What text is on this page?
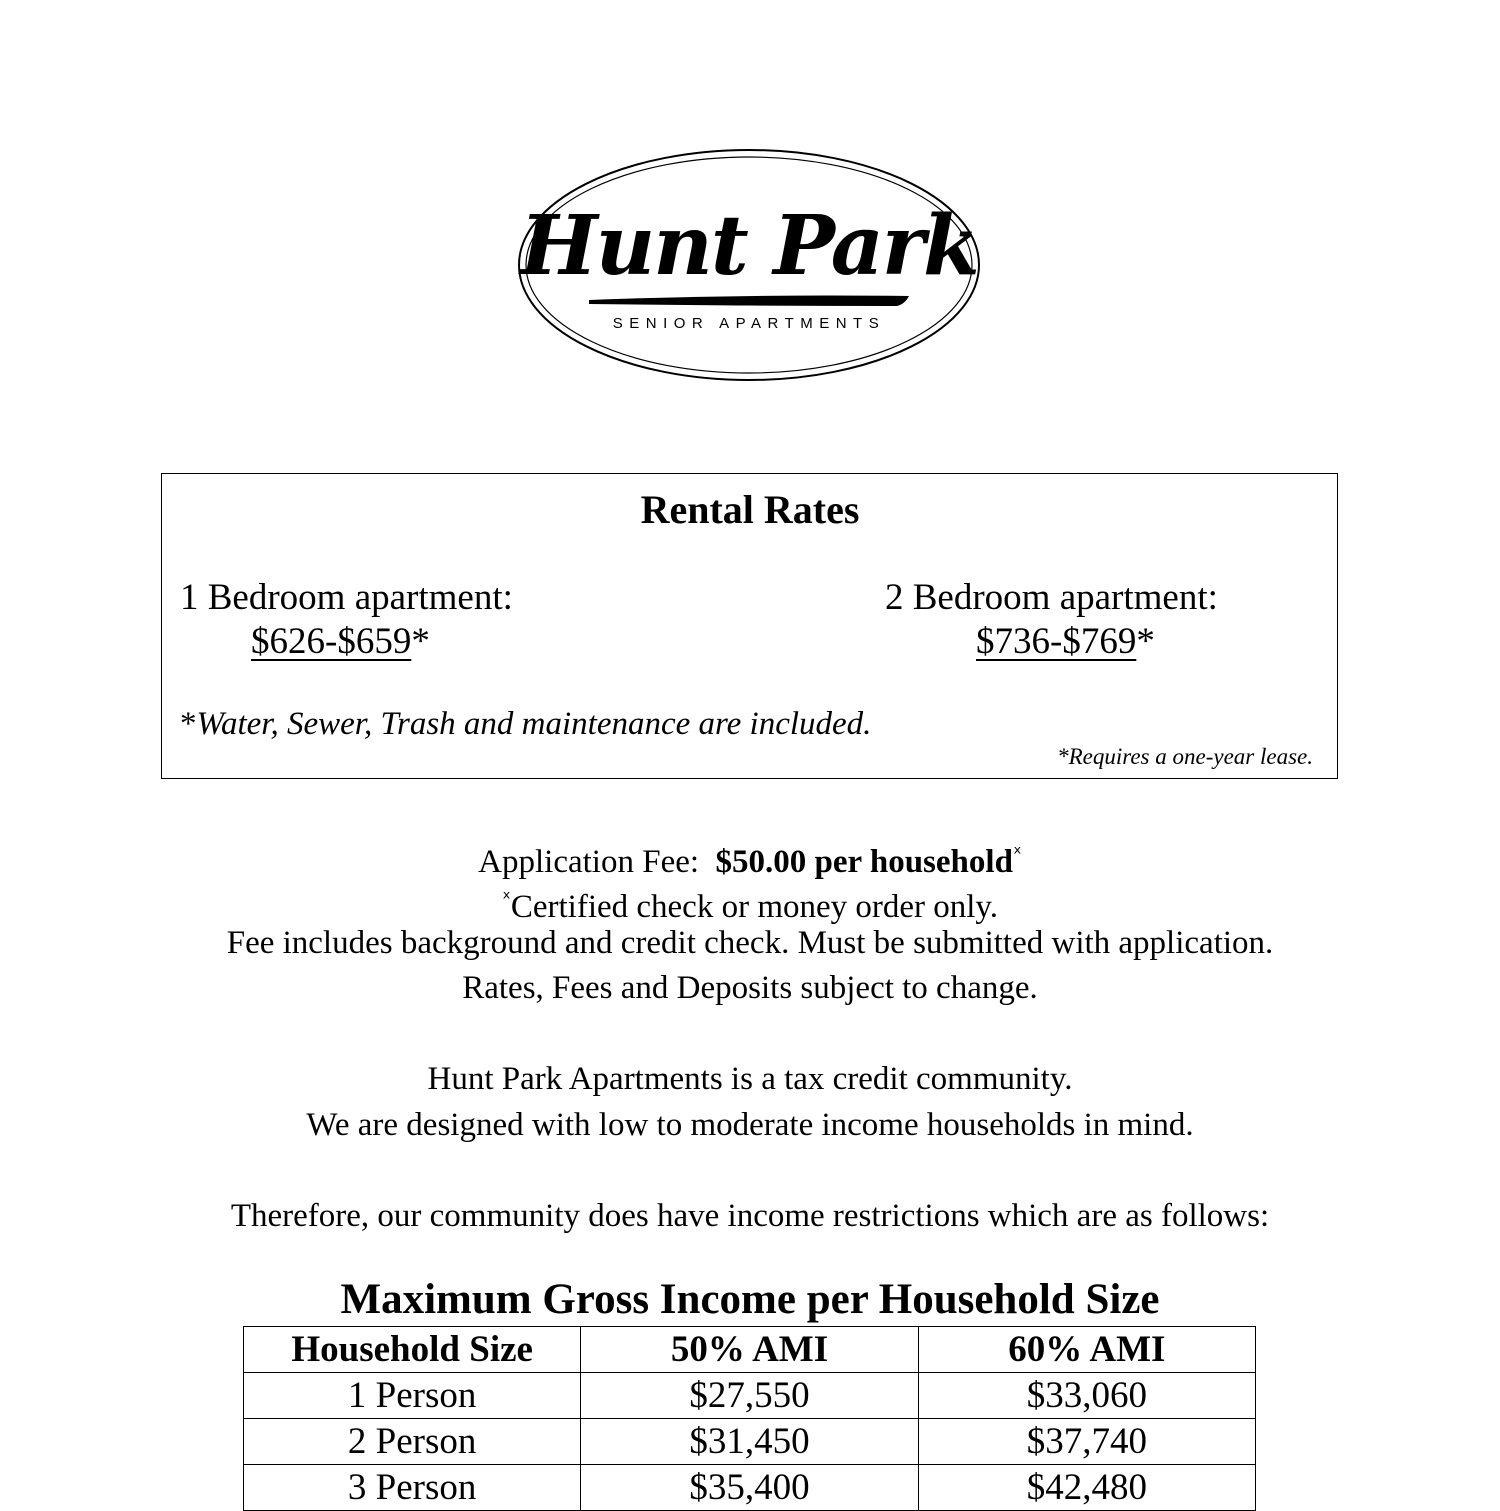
Hunt Park
SENIOR APARTMENTS
Rental Rates
1 Bedroom apartment:
$626-$659*
2 Bedroom apartment:
$736-$769*
*Water, Sewer, Trash and maintenance are included.
*Requires a one-year lease.
Application Fee: $50.00 per household$^ˣ$
$^ˣ$Certified check or money order only.
Fee includes background and credit check. Must be submitted with application.
Rates, Fees and Deposits subject to change.
Hunt Park Apartments is a tax credit community.
We are designed with low to moderate income households in mind.
Therefore, our community does have income restrictions which are as follows:
Maximum Gross Income per Household Size
Household Size	50% AMI	60% AMI
1 Person	$27,550	$33,060
2 Person	$31,450	$37,740
3 Person	$35,400	$42,480
